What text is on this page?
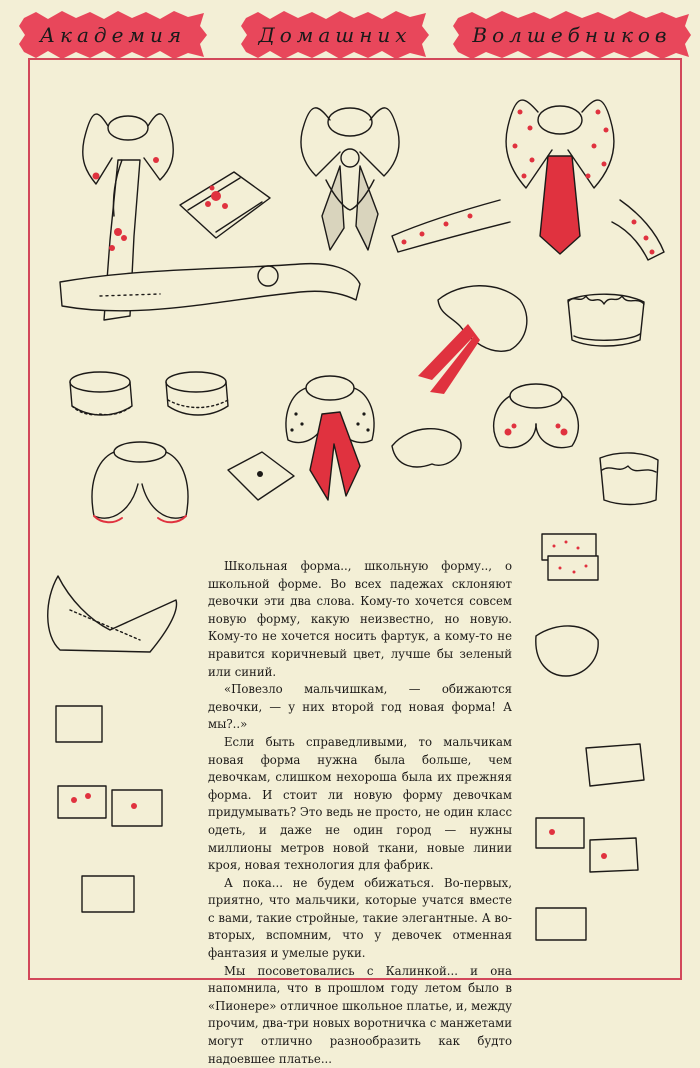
Академия	Домашних	Волшебников

Школьная форма.., школьную форму.., о школьной форме. Во всех падежах склоняют девочки эти два слова. Кому-то хочется совсем новую форму, какую неизвестно, но новую. Кому-то не хочется носить фартук, а кому-то не нравится коричневый цвет, лучше бы зеленый или синий.

«Повезло мальчишкам, — обижаются девочки, — у них второй год новая форма! А мы?..»

Если быть справедливыми, то мальчикам новая форма нужна была больше, чем девочкам, слишком нехороша была их прежняя форма. И стоит ли новую форму девочкам придумывать? Это ведь не просто, не один класс одеть, и даже не один город — нужны миллионы метров новой ткани, новые линии кроя, новая технология для фабрик.

А пока... не будем обижаться. Во-первых, приятно, что мальчики, которые учатся вместе с вами, такие стройные, такие элегантные. А во-вторых, вспомним, что у девочек отменная фантазия и умелые руки.

Мы посоветовались с Калинкой... и она напомнила, что в прошлом году летом было в «Пионере» отличное школьное платье, и, между прочим, два-три новых воротничка с манжетами могут отлично разнообразить как будто надоевшее платье...
